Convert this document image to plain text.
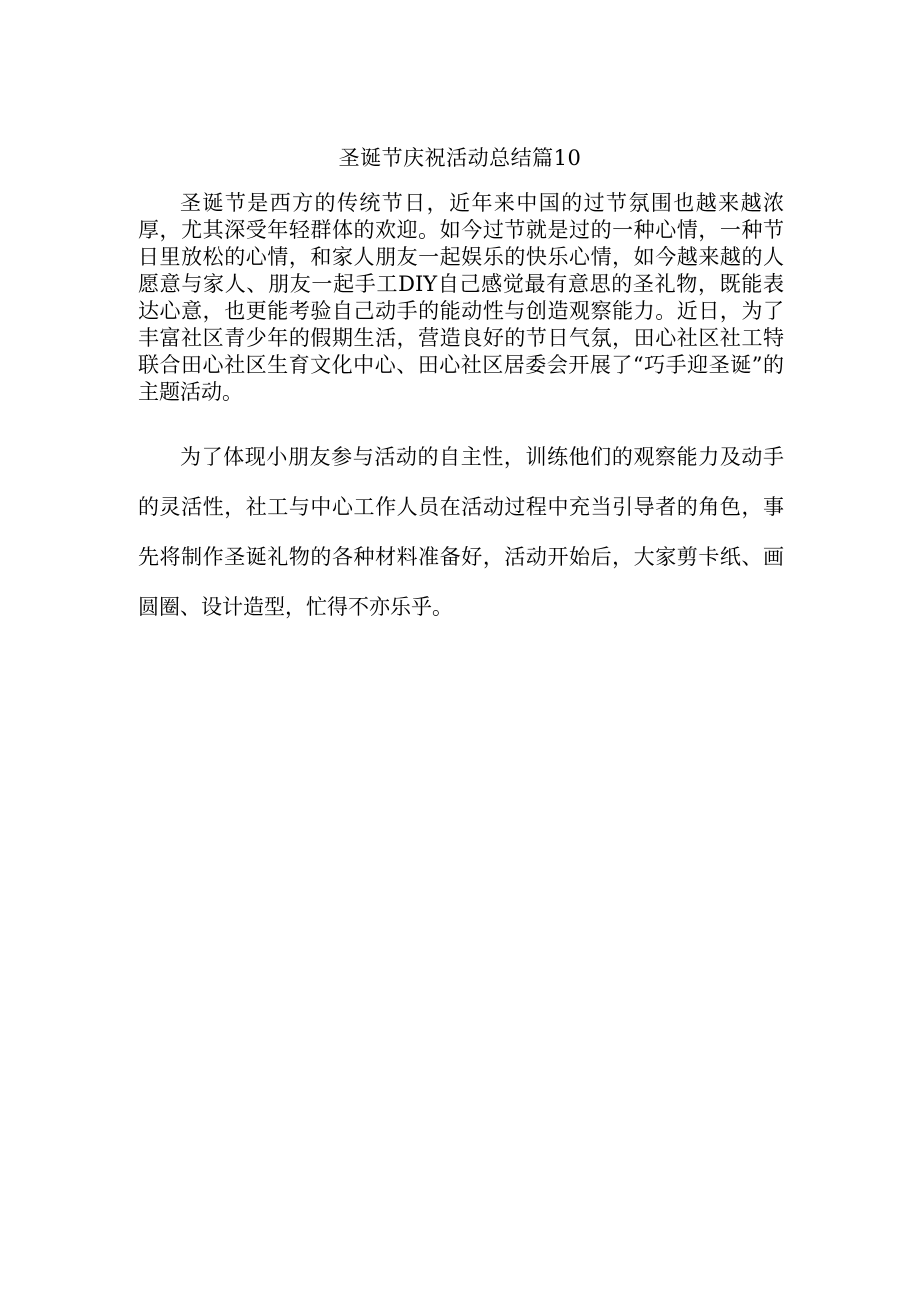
圣诞节庆祝活动总结篇10

圣诞节是西方的传统节日，近年来中国的过节氛围也越来越浓厚，尤其深受年轻群体的欢迎。如今过节就是过的一种心情，一种节日里放松的心情，和家人朋友一起娱乐的快乐心情，如今越来越的人愿意与家人、朋友一起手工DIY自己感觉最有意思的圣礼物，既能表达心意，也更能考验自己动手的能动性与创造观察能力。近日，为了丰富社区青少年的假期生活，营造良好的节日气氛，田心社区社工特联合田心社区生育文化中心、田心社区居委会开展了“巧手迎圣诞”的主题活动。

为了体现小朋友参与活动的自主性，训练他们的观察能力及动手的灵活性，社工与中心工作人员在活动过程中充当引导者的角色，事先将制作圣诞礼物的各种材料准备好，活动开始后，大家剪卡纸、画圆圈、设计造型，忙得不亦乐乎。
